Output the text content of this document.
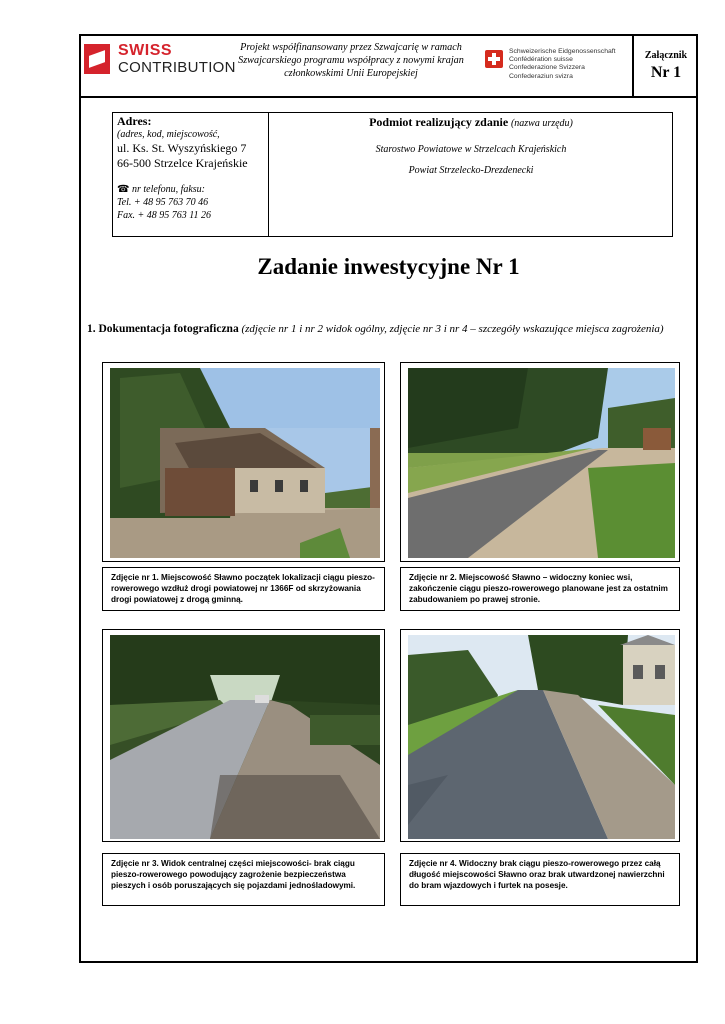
SWISS
CONTRIBUTION
Projekt współfinansowany przez Szwajcarię w ramach Szwajcarskiego programu współpracy z nowymi krajan członkowskimi Unii Europejskiej
Schweizerische Eidgenossenschaft
Confédération suisse
Confederazione Svizzera
Confederaziun svizra
Załącznik
Nr 1
Adres:
(adres, kod, miejscowość,
ul. Ks. St. Wyszyńskiego 7
66-500 Strzelce Krajeńskie
☎ nr telefonu, faksu:
Tel. + 48 95 763 70 46
Fax. + 48 95 763 11 26
Podmiot realizujący zdanie (nazwa urzędu)
Starostwo Powiatowe w Strzelcach Krajeńskich
Powiat Strzelecko-Drezdenecki
Zadanie inwestycyjne Nr 1
1. Dokumentacja fotograficzna (zdjęcie nr 1 i nr 2 widok ogólny, zdjęcie nr 3 i nr 4 – szczegóły wskazujące miejsca zagrożenia)
Zdjęcie nr 1. Miejscowość Sławno początek lokalizacji ciągu pieszo-rowerowego wzdłuż drogi powiatowej nr 1366F od skrzyżowania drogi powiatowej z drogą gminną.
Zdjęcie nr 2. Miejscowość Sławno – widoczny koniec wsi, zakończenie ciągu pieszo-rowerowego planowane jest za ostatnim zabudowaniem po prawej stronie.
Zdjęcie nr 3. Widok centralnej części miejscowości- brak ciągu pieszo-rowerowego powodujący zagrożenie bezpieczeństwa pieszych i osób poruszających się pojazdami jednośladowymi.
Zdjęcie nr 4. Widoczny brak ciągu pieszo-rowerowego przez całą długość miejscowości Sławno oraz brak utwardzonej nawierzchni do bram wjazdowych i furtek na posesje.
